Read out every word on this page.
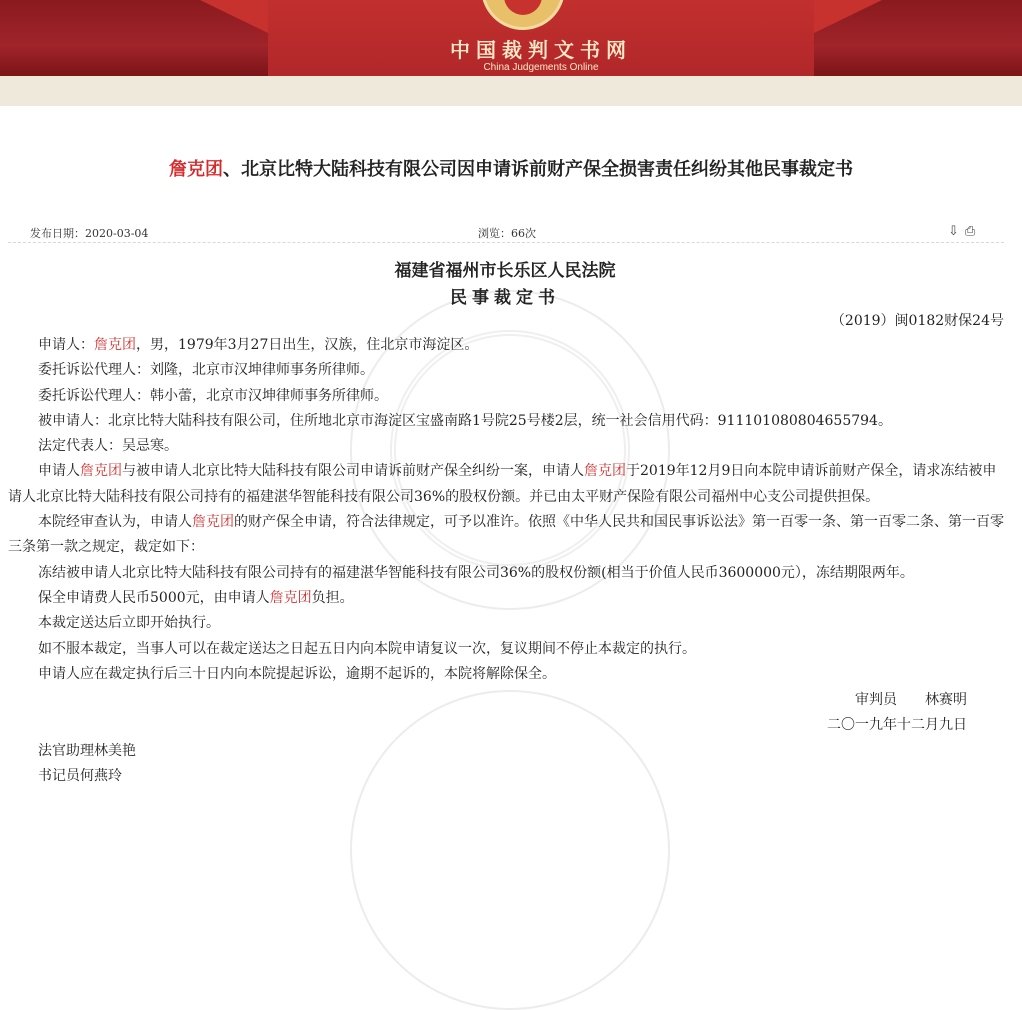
中国裁判文书网
China Judgements Online
詹克团、北京比特大陆科技有限公司因申请诉前财产保全损害责任纠纷其他民事裁定书
发布日期：2020-03-04	浏览：66次	⇩ ⎙
福建省福州市长乐区人民法院
民事裁定书
（2019）闽0182财保24号

申请人：詹克团，男，1979年3月27日出生，汉族，住北京市海淀区。

委托诉讼代理人：刘隆，北京市汉坤律师事务所律师。

委托诉讼代理人：韩小蕾，北京市汉坤律师事务所律师。

被申请人：北京比特大陆科技有限公司，住所地北京市海淀区宝盛南路1号院25号楼2层，统一社会信用代码：911101080804655794。

法定代表人：吴忌寒。

申请人詹克团与被申请人北京比特大陆科技有限公司申请诉前财产保全纠纷一案，申请人詹克团于2019年12月9日向本院申请诉前财产保全，请求冻结被申请人北京比特大陆科技有限公司持有的福建湛华智能科技有限公司36%的股权份额。并已由太平财产保险有限公司福州中心支公司提供担保。

本院经审查认为，申请人詹克团的财产保全申请，符合法律规定，可予以准许。依照《中华人民共和国民事诉讼法》第一百零一条、第一百零二条、第一百零三条第一款之规定，裁定如下：

冻结被申请人北京比特大陆科技有限公司持有的福建湛华智能科技有限公司36%的股权份额(相当于价值人民币3600000元），冻结期限两年。

保全申请费人民币5000元，由申请人詹克团负担。

本裁定送达后立即开始执行。

如不服本裁定，当事人可以在裁定送达之日起五日内向本院申请复议一次，复议期间不停止本裁定的执行。

申请人应在裁定执行后三十日内向本院提起诉讼，逾期不起诉的，本院将解除保全。

审判员　　林赛明
二〇一九年十二月九日
法官助理林美艳
书记员何燕玲
